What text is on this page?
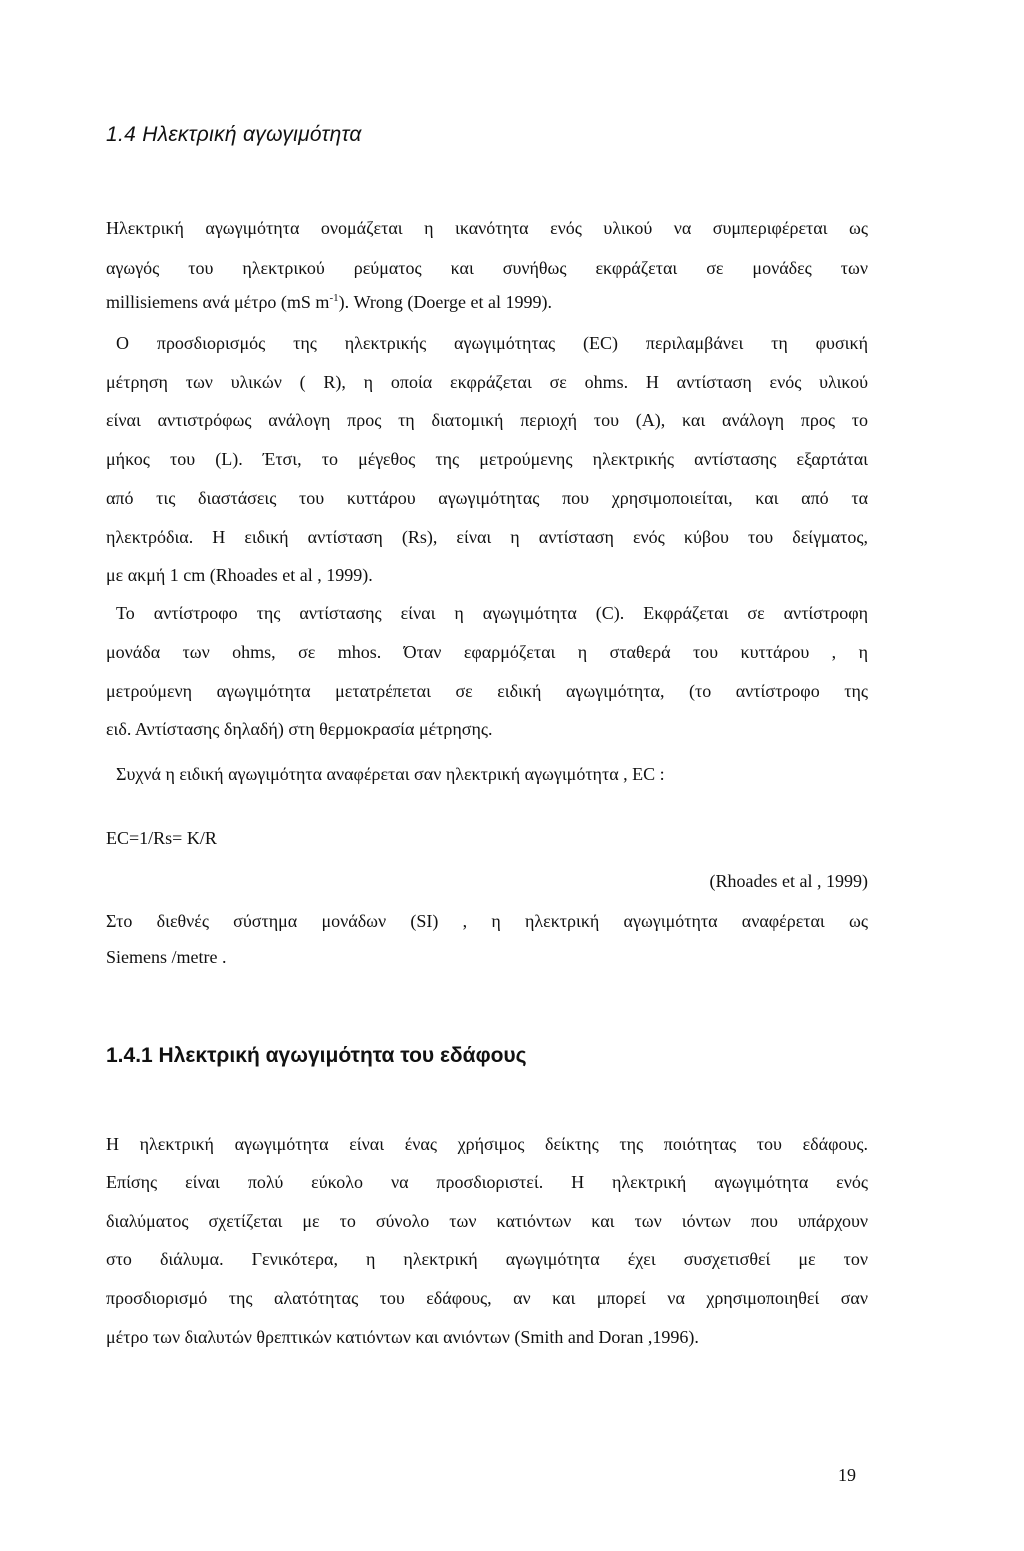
1.4 Ηλεκτρική αγωγιμότητα
Ηλεκτρική αγωγιμότητα ονομάζεται η ικανότητα ενός υλικού να συμπεριφέρεται ως
αγωγός του ηλεκτρικού ρεύματος και συνήθως εκφράζεται σε μονάδες των
millisiemens ανά μέτρο (mS $m^{-1}$). Wrong (Doerge et al 1999).
Ο προσδιορισμός της ηλεκτρικής αγωγιμότητας (EC) περιλαμβάνει τη φυσική
μέτρηση των υλικών ( R), η οποία εκφράζεται σε ohms. Η αντίσταση ενός υλικού
είναι αντιστρόφως ανάλογη προς τη διατομική περιοχή του (A), και ανάλογη προς το
μήκος του (L). Έτσι, το μέγεθος της μετρούμενης ηλεκτρικής αντίστασης εξαρτάται
από τις διαστάσεις του κυττάρου αγωγιμότητας που χρησιμοποιείται, και από τα
ηλεκτρόδια. Η ειδική αντίσταση (Rs), είναι η αντίσταση ενός κύβου του δείγματος,
με ακμή 1 cm (Rhoades et al , 1999).
Το αντίστροφο της αντίστασης είναι η αγωγιμότητα (C). Εκφράζεται σε αντίστροφη
μονάδα των ohms, σε mhos. Όταν εφαρμόζεται η σταθερά του κυττάρου , η
μετρούμενη αγωγιμότητα μετατρέπεται σε ειδική αγωγιμότητα, (το αντίστροφο της
ειδ. Αντίστασης δηλαδή) στη θερμοκρασία μέτρησης.
Συχνά η ειδική αγωγιμότητα αναφέρεται σαν ηλεκτρική αγωγιμότητα , EC :
EC=1/Rs= K/R
(Rhoades et al , 1999)
Στο διεθνές σύστημα μονάδων (SI) , η ηλεκτρική αγωγιμότητα αναφέρεται ως
Siemens /metre .
1.4.1 Ηλεκτρική αγωγιμότητα του εδάφους
Η ηλεκτρική αγωγιμότητα είναι ένας χρήσιμος δείκτης της ποιότητας του εδάφους.
Επίσης είναι πολύ εύκολο να προσδιοριστεί. Η ηλεκτρική αγωγιμότητα ενός
διαλύματος σχετίζεται με το σύνολο των κατιόντων και των ιόντων που υπάρχουν
στο διάλυμα. Γενικότερα, η ηλεκτρική αγωγιμότητα έχει συσχετισθεί με τον
προσδιορισμό της αλατότητας του εδάφους, αν και μπορεί να χρησιμοποιηθεί σαν
μέτρο των διαλυτών θρεπτικών κατιόντων και ανιόντων (Smith and Doran ,1996).
19
